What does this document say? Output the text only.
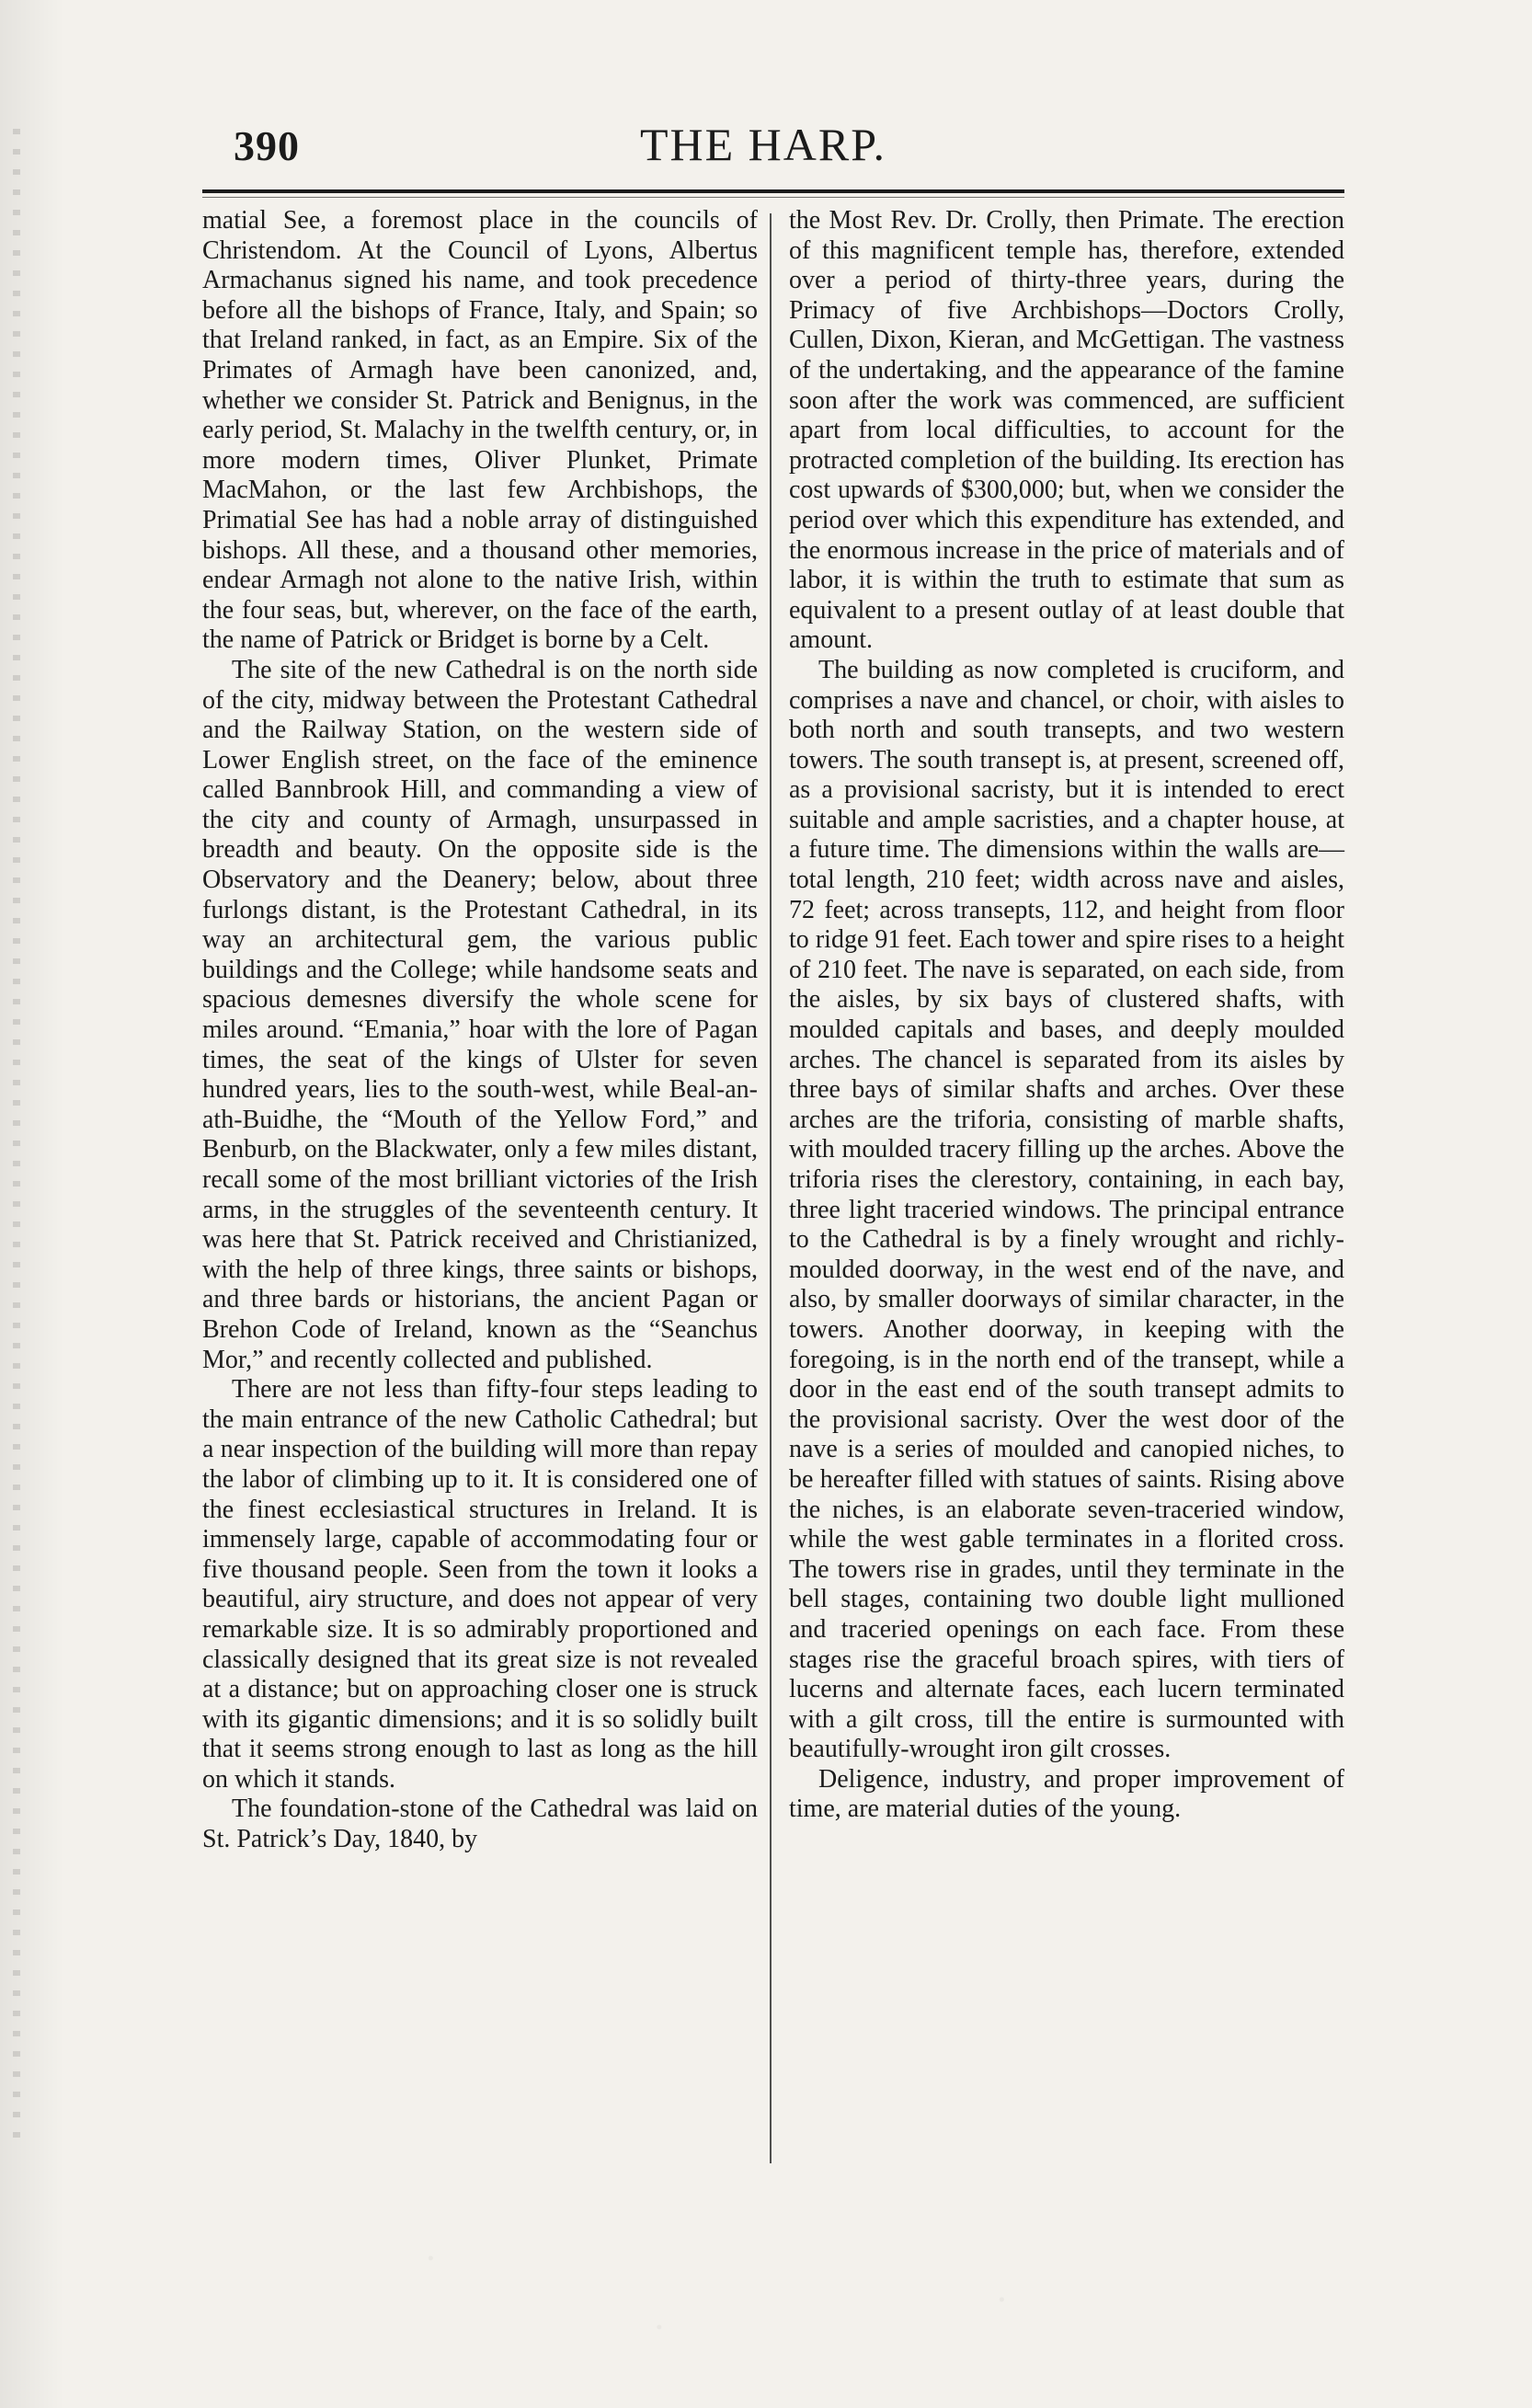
390	THE HARP.

matial See, a foremost place in the councils of Christendom. At the Council of Lyons, Albertus Armachanus signed his name, and took precedence before all the bishops of France, Italy, and Spain; so that Ireland ranked, in fact, as an Empire. Six of the Primates of Armagh have been canonized, and, whether we consider St. Patrick and Benignus, in the early period, St. Malachy in the twelfth century, or, in more modern times, Oliver Plunket, Primate MacMahon, or the last few Archbishops, the Primatial See has had a noble array of distinguished bishops. All these, and a thousand other memories, endear Armagh not alone to the native Irish, within the four seas, but, wherever, on the face of the earth, the name of Patrick or Bridget is borne by a Celt.

The site of the new Cathedral is on the north side of the city, midway between the Protestant Cathedral and the Railway Station, on the western side of Lower English street, on the face of the eminence called Bannbrook Hill, and commanding a view of the city and county of Armagh, unsurpassed in breadth and beauty. On the opposite side is the Observatory and the Deanery; below, about three furlongs distant, is the Protestant Cathedral, in its way an architectural gem, the various public buildings and the College; while handsome seats and spacious demesnes diversify the whole scene for miles around. “Emania,” hoar with the lore of Pagan times, the seat of the kings of Ulster for seven hundred years, lies to the south-west, while Beal-an-ath-Buidhe, the “Mouth of the Yellow Ford,” and Benburb, on the Blackwater, only a few miles distant, recall some of the most brilliant victories of the Irish arms, in the struggles of the seventeenth century. It was here that St. Patrick received and Christianized, with the help of three kings, three saints or bishops, and three bards or historians, the ancient Pagan or Brehon Code of Ireland, known as the “Seanchus Mor,” and recently collected and published.

There are not less than fifty-four steps leading to the main entrance of the new Catholic Cathedral; but a near inspection of the building will more than repay the labor of climbing up to it. It is considered one of the finest ecclesiastical structures in Ireland. It is immensely large, capable of accommodating four or five thousand people. Seen from the town it looks a beautiful, airy structure, and does not appear of very remarkable size. It is so admirably proportioned and classically designed that its great size is not revealed at a distance; but on approaching closer one is struck with its gigantic dimensions; and it is so solidly built that it seems strong enough to last as long as the hill on which it stands.

The foundation-stone of the Cathedral was laid on St. Patrick’s Day, 1840, by

the Most Rev. Dr. Crolly, then Primate. The erection of this magnificent temple has, therefore, extended over a period of thirty-three years, during the Primacy of five Archbishops—Doctors Crolly, Cullen, Dixon, Kieran, and McGettigan. The vastness of the undertaking, and the appearance of the famine soon after the work was commenced, are sufficient apart from local difficulties, to account for the protracted completion of the building. Its erection has cost upwards of $300,000; but, when we consider the period over which this expenditure has extended, and the enormous increase in the price of materials and of labor, it is within the truth to estimate that sum as equivalent to a present outlay of at least double that amount.

The building as now completed is cruciform, and comprises a nave and chancel, or choir, with aisles to both north and south transepts, and two western towers. The south transept is, at present, screened off, as a provisional sacristy, but it is intended to erect suitable and ample sacristies, and a chapter house, at a future time. The dimensions within the walls are—total length, 210 feet; width across nave and aisles, 72 feet; across transepts, 112, and height from floor to ridge 91 feet. Each tower and spire rises to a height of 210 feet. The nave is separated, on each side, from the aisles, by six bays of clustered shafts, with moulded capitals and bases, and deeply moulded arches. The chancel is separated from its aisles by three bays of similar shafts and arches. Over these arches are the triforia, consisting of marble shafts, with moulded tracery filling up the arches. Above the triforia rises the clerestory, containing, in each bay, three light traceried windows. The principal entrance to the Cathedral is by a finely wrought and richly-moulded doorway, in the west end of the nave, and also, by smaller doorways of similar character, in the towers. Another doorway, in keeping with the foregoing, is in the north end of the transept, while a door in the east end of the south transept admits to the provisional sacristy. Over the west door of the nave is a series of moulded and canopied niches, to be hereafter filled with statues of saints. Rising above the niches, is an elaborate seven-traceried window, while the west gable terminates in a florited cross. The towers rise in grades, until they terminate in the bell stages, containing two double light mullioned and traceried openings on each face. From these stages rise the graceful broach spires, with tiers of lucerns and alternate faces, each lucern terminated with a gilt cross, till the entire is surmounted with beautifully-wrought iron gilt crosses.

Deligence, industry, and proper improvement of time, are material duties of the young.
